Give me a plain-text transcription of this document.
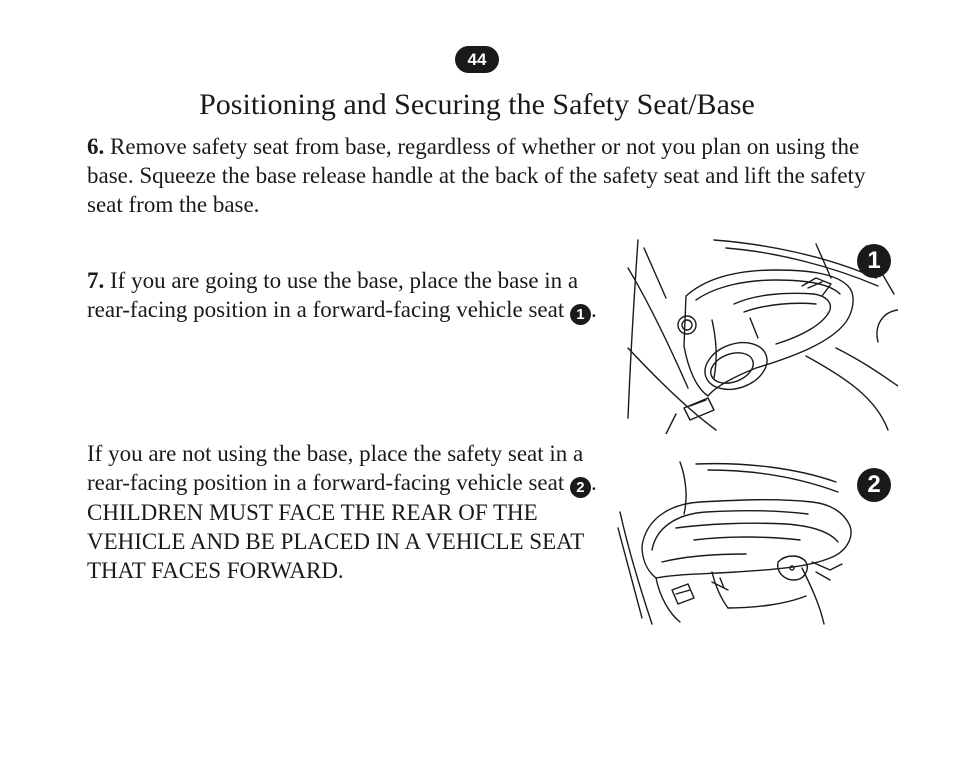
44
Positioning and Securing the Safety Seat/Base

6. Remove safety seat from base, regardless of whether or not you plan on using the base. Squeeze the base release handle at the back of the safety seat and lift the safety seat from the base.

7. If you are going to use the base, place the base in a rear-facing position in a forward-facing vehicle seat 1 .

If you are not using the base, place the safety seat in a rear-facing position in a forward-facing vehicle seat 2 . CHILDREN MUST FACE THE REAR OF THE VEHICLE AND BE PLACED IN A VEHICLE SEAT THAT FACES FORWARD.

1
2
